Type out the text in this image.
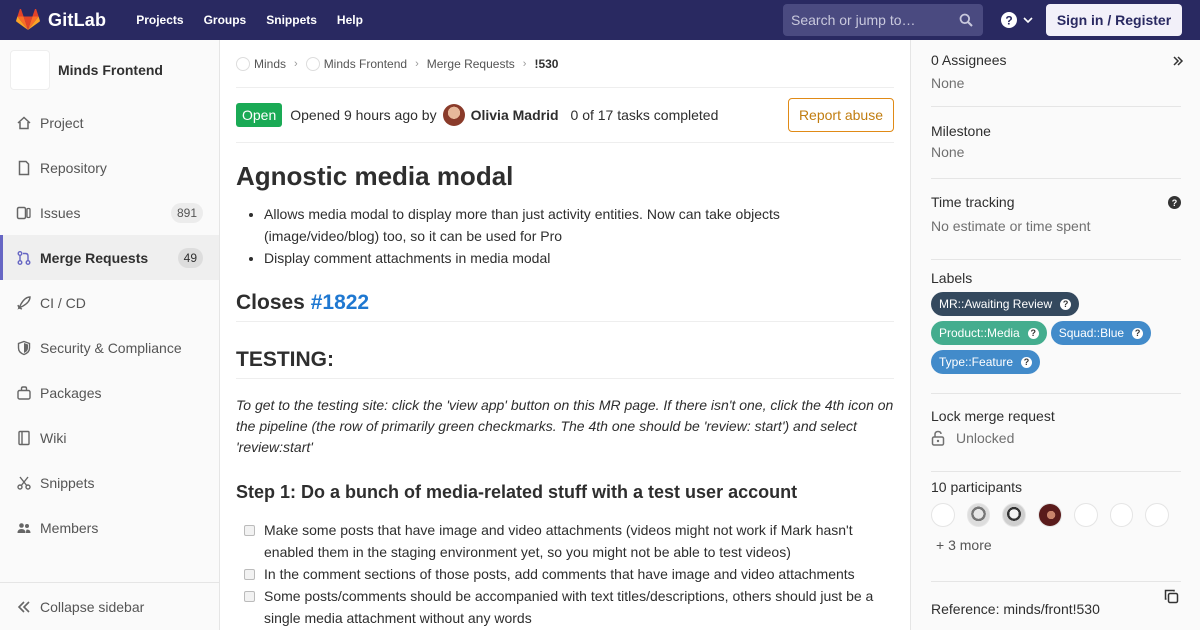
GitLab	Projects Groups Snippets Help
Search or jump to…	?	Sign in / Register
Minds Frontend
Project
Repository
Issues	891
Merge Requests	49
CI / CD
Security & Compliance
Packages
Wiki
Snippets
Members
Collapse sidebar
Minds › Minds Frontend › Merge Requests › !530
Open	Opened 9 hours ago by Olivia Madrid 0 of 17 tasks completed	Report abuse
Agnostic media modal
• Allows media modal to display more than just activity entities. Now can take objects (image/video/blog) too, so it can be used for Pro
• Display comment attachments in media modal
Closes #1822
TESTING:

To get to the testing site: click the 'view app' button on this MR page. If there isn't one, click the 4th icon on the pipeline (the row of primarily green checkmarks. The 4th one should be 'review: start') and select 'review:start'

Step 1: Do a bunch of media-related stuff with a test user account
Make some posts that have image and video attachments (videos might not work if Mark hasn't enabled them in the staging environment yet, so you might not be able to test videos)
In the comment sections of those posts, add comments that have image and video attachments
Some posts/comments should be accompanied with text titles/descriptions, others should just be a single media attachment without any words
0 Assignees
None
Milestone
None
Time tracking
No estimate or time spent
?
Labels
MR::Awaiting Review	?

Product::Media	? Squad::Blue	?

Type::Feature	?
Lock merge request
Unlocked
10 participants
+ 3 more
Reference: minds/front!530
